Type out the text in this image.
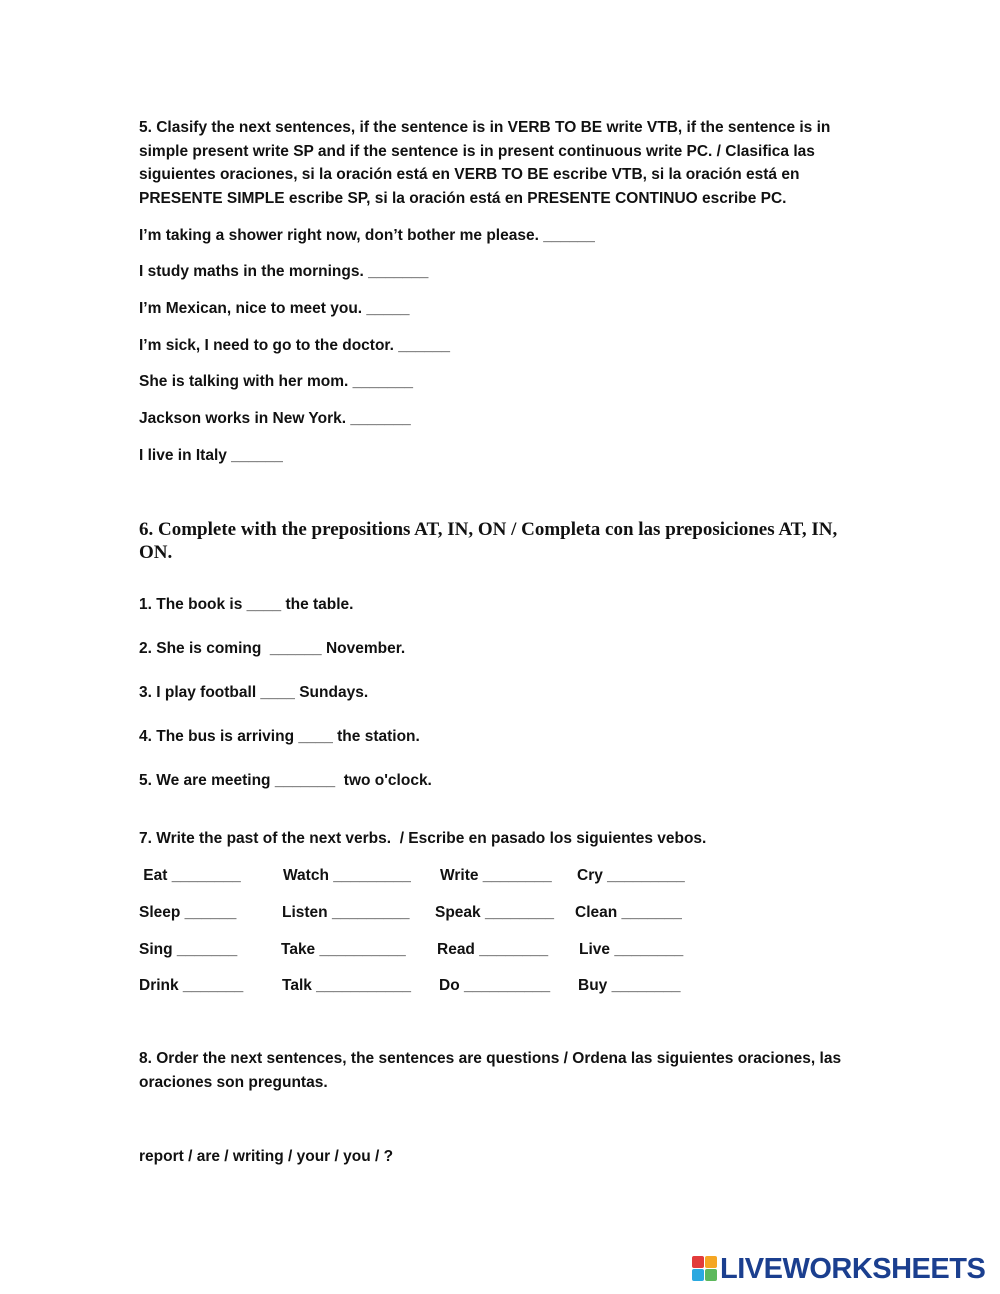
5. Clasify the next sentences, if the sentence is in VERB TO BE write VTB, if the sentence is in simple present write SP and if the sentence is in present continuous write PC. / Clasifica las siguientes oraciones, si la oración está en VERB TO BE escribe VTB, si la oración está en PRESENTE SIMPLE escribe SP, si la oración está en PRESENTE CONTINUO escribe PC.

I’m taking a shower right now, don’t bother me please. ______
I study maths in the mornings. _______
I’m Mexican, nice to meet you. _____
I’m sick, I need to go to the doctor. ______
She is talking with her mom. _______
Jackson works in New York. _______
I live in Italy ______
6. Complete with the prepositions AT, IN, ON / Completa con las preposiciones AT, IN, ON.
1. The book is ____ the table.
2. She is coming  ______ November.
3. I play football ____ Sundays.
4. The bus is arriving ____ the station.
5. We are meeting _______  two o'clock.
7. Write the past of the next verbs.  / Escribe en pasado los siguientes vebos.
Eat ________	Watch _________ Write ________ Cry _________
Sleep ______	Listen _________ Speak ________ Clean _______
Sing _______	Take __________ Read ________ Live ________
Drink _______ Talk ___________ Do __________ Buy ________
8. Order the next sentences, the sentences are questions / Ordena las siguientes oraciones, las oraciones son preguntas.
report / are / writing / your / you / ?
LIVEWORKSHEETS
